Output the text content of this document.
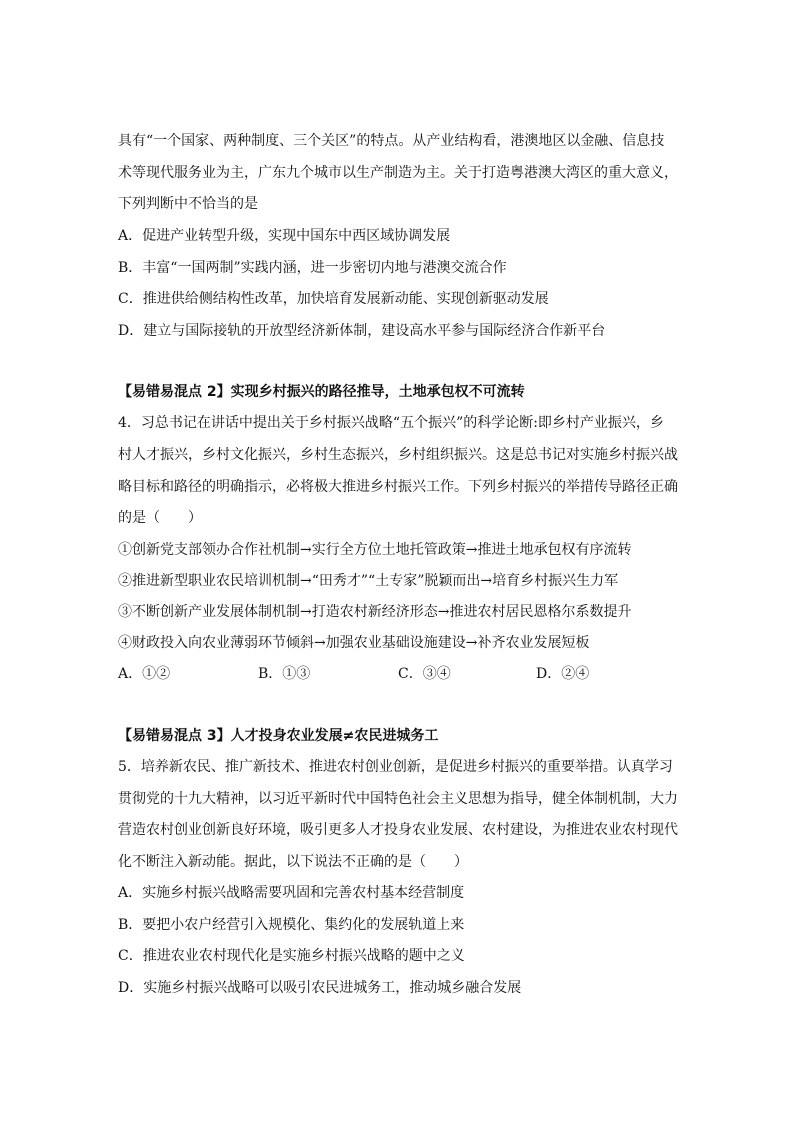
具有“一个国家、两种制度、三个关区”的特点。从产业结构看，港澳地区以金融、信息技
术等现代服务业为主，广东九个城市以生产制造为主。关于打造粤港澳大湾区的重大意义，
下列判断中不恰当的是
A．促进产业转型升级，实现中国东中西区域协调发展
B．丰富“一国两制”实践内涵，进一步密切内地与港澳交流合作
C．推进供给侧结构性改革，加快培育发展新动能、实现创新驱动发展
D．建立与国际接轨的开放型经济新体制，建设高水平参与国际经济合作新平台
【易错易混点 2】实现乡村振兴的路径推导，土地承包权不可流转
4．习总书记在讲话中提出关于乡村振兴战略“五个振兴”的科学论断:即乡村产业振兴，乡
村人才振兴，乡村文化振兴，乡村生态振兴，乡村组织振兴。这是总书记对实施乡村振兴战
略目标和路径的明确指示，必将极大推进乡村振兴工作。下列乡村振兴的举措传导路径正确
的是（　　）
①创新党支部领办合作社机制→实行全方位土地托管政策→推进土地承包权有序流转
②推进新型职业农民培训机制→“田秀才”“土专家”脱颖而出→培育乡村振兴生力军
③不断创新产业发展体制机制→打造农村新经济形态→推进农村居民恩格尔系数提升
④财政投入向农业薄弱环节倾斜→加强农业基础设施建设→补齐农业发展短板
A．①②	B．①③	C．③④	D．②④
【易错易混点 3】人才投身农业发展≠农民进城务工
5．培养新农民、推广新技术、推进农村创业创新，是促进乡村振兴的重要举措。认真学习
贯彻党的十九大精神，以习近平新时代中国特色社会主义思想为指导，健全体制机制，大力
营造农村创业创新良好环境，吸引更多人才投身农业发展、农村建设，为推进农业农村现代
化不断注入新动能。据此，以下说法不正确的是（　　）
A．实施乡村振兴战略需要巩固和完善农村基本经营制度
B．要把小农户经营引入规模化、集约化的发展轨道上来
C．推进农业农村现代化是实施乡村振兴战略的题中之义
D．实施乡村振兴战略可以吸引农民进城务工，推动城乡融合发展
